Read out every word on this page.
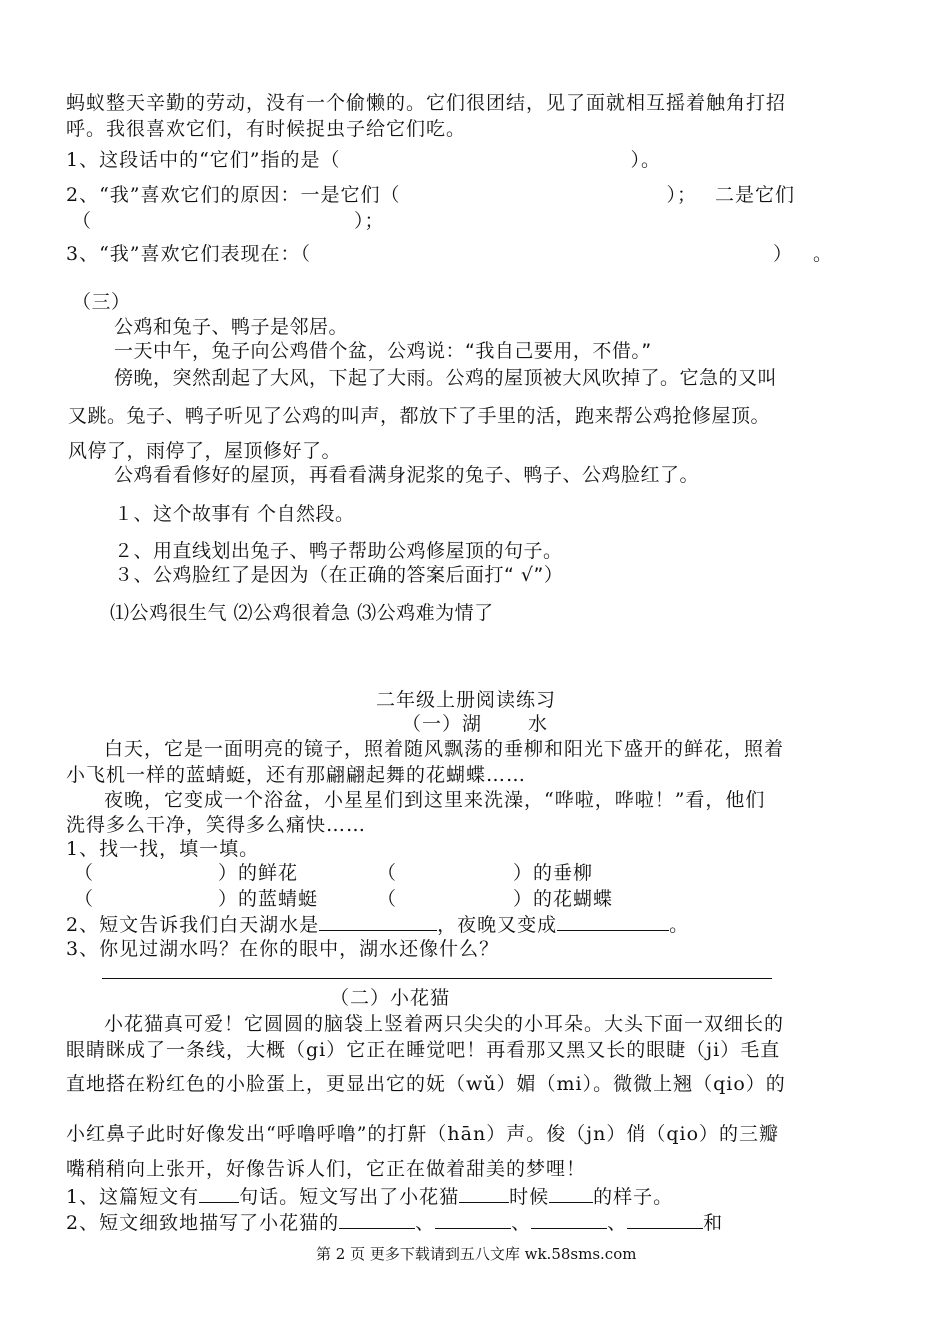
蚂蚁整天辛勤的劳动，没有一个偷懒的。它们很团结，见了面就相互摇着触角打招
呼。我很喜欢它们，有时候捉虫子给它们吃。
1、这段话中的“它们”指的是（	）。
2、“我”喜欢它们的原因：一是它们（	）； 二是它们
（	）；
3、“我”喜欢它们表现在：（	） 。
（三）
公鸡和兔子、鸭子是邻居。
一天中午，兔子向公鸡借个盆，公鸡说：“我自己要用，不借。”
傍晚，突然刮起了大风，下起了大雨。公鸡的屋顶被大风吹掉了。它急的又叫
又跳。兔子、鸭子听见了公鸡的叫声，都放下了手里的活，跑来帮公鸡抢修屋顶。
风停了，雨停了，屋顶修好了。
公鸡看看修好的屋顶，再看看满身泥浆的兔子、鸭子、公鸡脸红了。
１、这个故事有 个自然段。
２、用直线划出兔子、鸭子帮助公鸡修屋顶的句子。
３、公鸡脸红了是因为（在正确的答案后面打“ √”）
⑴公鸡很生气 ⑵公鸡很着急 ⑶公鸡难为情了
二年级上册阅读练习
（一）湖 水
白天，它是一面明亮的镜子，照着随风飘荡的垂柳和阳光下盛开的鲜花，照着
小飞机一样的蓝蜻蜓，还有那翩翩起舞的花蝴蝶……
夜晚，它变成一个浴盆，小星星们到这里来洗澡，“哗啦，哗啦！”看，他们
洗得多么干净，笑得多么痛快……
1、找一找，填一填。
（	）的鲜花	（	）的垂柳
（	）的蓝蜻蜓	（	）的花蝴蝶
2、短文告诉我们白天湖水是	，夜晚又变成	。
3、你见过湖水吗？在你的眼中，湖水还像什么？
（二）小花猫
小花猫真可爱！它圆圆的脑袋上竖着两只尖尖的小耳朵。大头下面一双细长的
眼睛眯成了一条线，大概（gi）它正在睡觉吧！再看那又黑又长的眼睫（ji）毛直
直地搭在粉红色的小脸蛋上，更显出它的妩（wǔ）媚（mi）。微微上翘（qio）的
小红鼻子此时好像发出“呼噜呼噜”的打鼾（hān）声。俊（jn）俏（qio）的三瓣
嘴稍稍向上张开，好像告诉人们，它正在做着甜美的梦哩！
1、这篇短文有 句话。短文写出了小花猫	时候 的样子。
2、短文细致地描写了小花猫的	、	、	、	和
第 2 页 更多下载请到五八文库 wk.58sms.com
